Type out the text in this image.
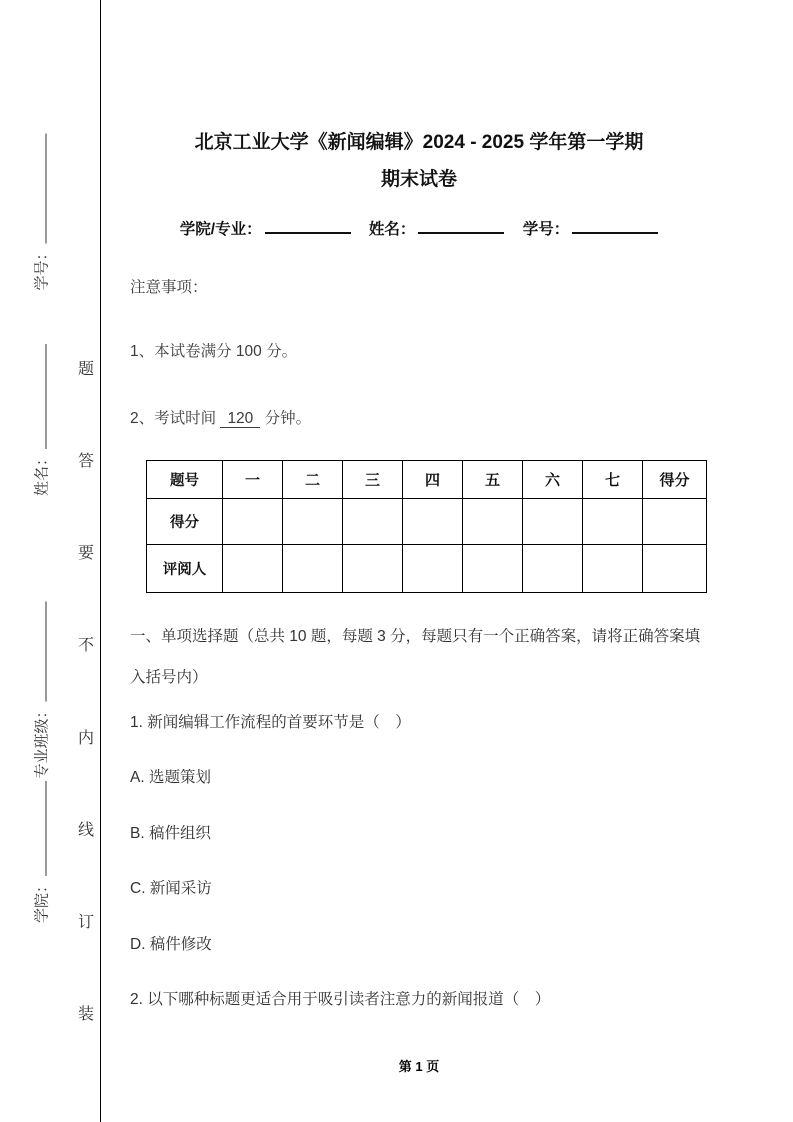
学号：
姓名：
专业班级：
学院：
题
答
要
不
内
线
订
装
北京工业大学《新闻编辑》2024 - 2025 学年第一学期
期末试卷
学院/专业：	姓名：	学号：
注意事项：
1、本试卷满分 100 分。
2、考试时间 120 分钟。
题号	一	二	三	四	五	六	七	得分
得分								
评阅人								
一、单项选择题（总共 10 题，每题 3 分，每题只有一个正确答案，请将正确答案填入括号内）
1. 新闻编辑工作流程的首要环节是（　）
A. 选题策划
B. 稿件组织
C. 新闻采访
D. 稿件修改
2. 以下哪种标题更适合用于吸引读者注意力的新闻报道（　）
第 1 页
